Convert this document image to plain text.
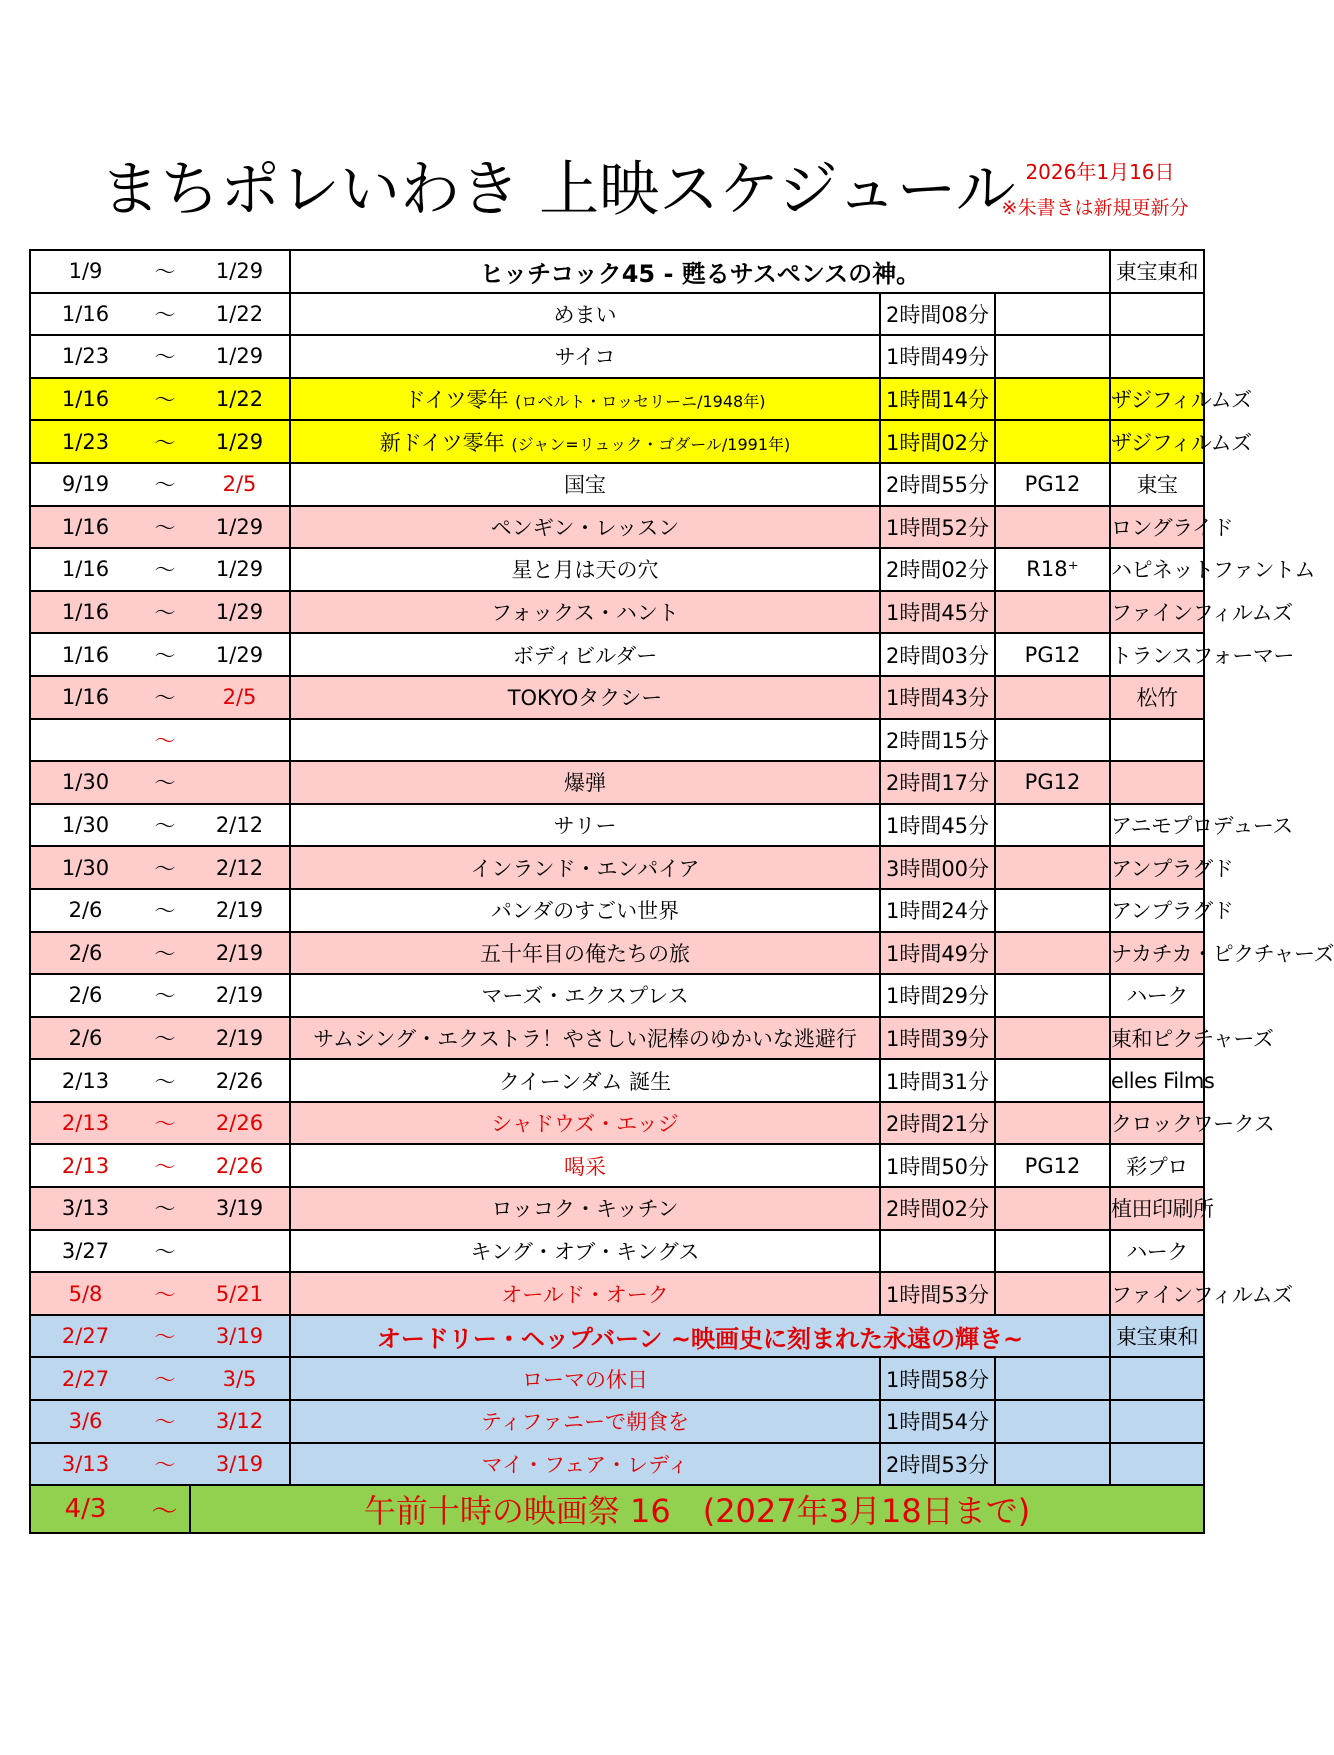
まちポレいわき 上映スケジュール 2026年1月16日
※朱書きは新規更新分
1/9	～	1/29	ヒッチコック45 - 甦るサスペンスの神。			東宝東和
1/16	～	1/22	めまい	2時間08分		
1/23	～	1/29	サイコ	1時間49分		
1/16	～	1/22	ドイツ零年 (ロベルト・ロッセリーニ/1948年)	1時間14分		ザジフィルムズ
1/23	～	1/29	新ドイツ零年 (ジャン=リュック・ゴダール/1991年)	1時間02分		ザジフィルムズ
9/19	～	2/5	国宝	2時間55分	PG12	東宝
1/16	～	1/29	ペンギン・レッスン	1時間52分		ロングライド
1/16	～	1/29	星と月は天の穴	2時間02分	R18⁺	ハピネットファントム
1/16	～	1/29	フォックス・ハント	1時間45分		ファインフィルムズ
1/16	～	1/29	ボディビルダー	2時間03分	PG12	トランスフォーマー
1/16	～	2/5	TOKYOタクシー	1時間43分		松竹
	～			2時間15分		
1/30	～		爆弾	2時間17分	PG12	
1/30	～	2/12	サリー	1時間45分		アニモプロデュース
1/30	～	2/12	インランド・エンパイア	3時間00分		アンプラグド
2/6	～	2/19	パンダのすごい世界	1時間24分		アンプラグド
2/6	～	2/19	五十年目の俺たちの旅	1時間49分		ナカチカ・ピクチャーズ
2/6	～	2/19	マーズ・エクスプレス	1時間29分		ハーク
2/6	～	2/19	サムシング・エクストラ！やさしい泥棒のゆかいな逃避行	1時間39分		東和ピクチャーズ
2/13	～	2/26	クイーンダム 誕生	1時間31分		elles Films
2/13	～	2/26	シャドウズ・エッジ	2時間21分		クロックワークス
2/13	～	2/26	喝采	1時間50分	PG12	彩プロ
3/13	～	3/19	ロッコク・キッチン	2時間02分		植田印刷所
3/27	～		キング・オブ・キングス			ハーク
5/8	～	5/21	オールド・オーク	1時間53分		ファインフィルムズ
2/27	～	3/19	オードリー・ヘップバーン ~映画史に刻まれた永遠の輝き~			東宝東和
2/27	～	3/5	ローマの休日	1時間58分		
3/6	～	3/12	ティファニーで朝食を	1時間54分		
3/13	～	3/19	マイ・フェア・レディ	2時間53分		
4/3	～	午前十時の映画祭 16　(2027年3月18日まで)				
